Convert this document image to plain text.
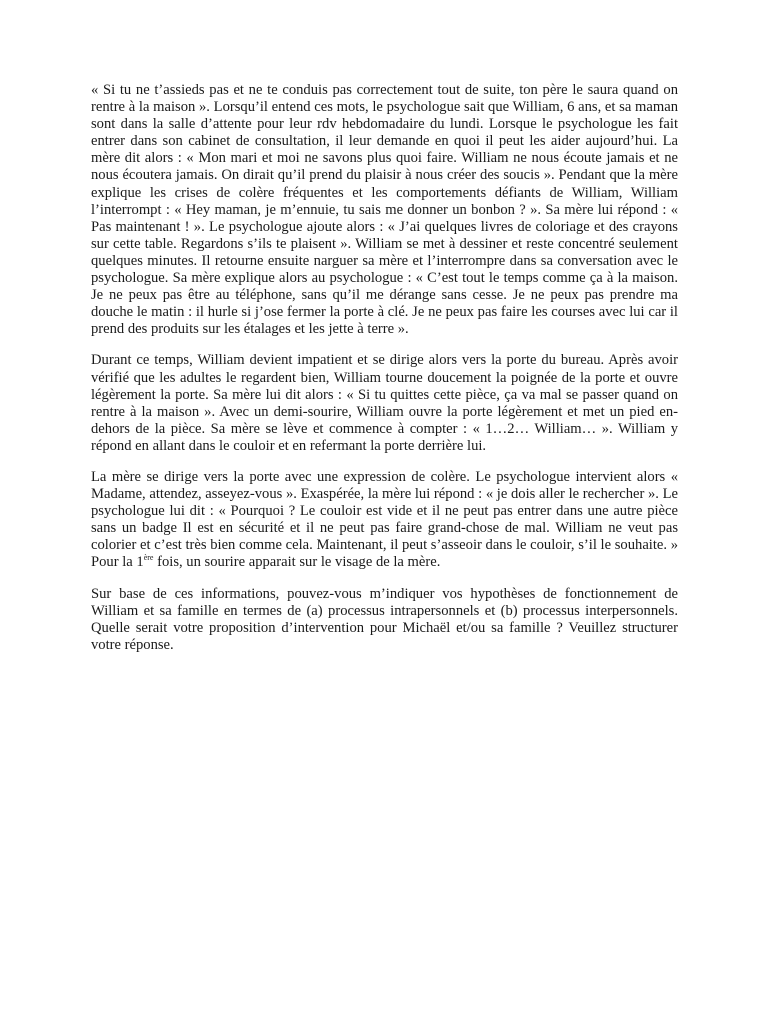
« Si tu ne t’assieds pas et ne te conduis pas correctement tout de suite, ton père le saura quand on rentre à la maison ». Lorsqu’il entend ces mots, le psychologue sait que William, 6 ans, et sa maman sont dans la salle d’attente pour leur rdv hebdomadaire du lundi. Lorsque le psychologue les fait entrer dans son cabinet de consultation, il leur demande en quoi il peut les aider aujourd’hui. La mère dit alors : « Mon mari et moi ne savons plus quoi faire. William ne nous écoute jamais et ne nous écoutera jamais. On dirait qu’il prend du plaisir à nous créer des soucis ». Pendant que la mère explique les crises de colère fréquentes et les comportements défiants de William, William l’interrompt : « Hey maman, je m’ennuie, tu sais me donner un bonbon ? ». Sa mère lui répond : « Pas maintenant ! ». Le psychologue ajoute alors : « J’ai quelques livres de coloriage et des crayons sur cette table. Regardons s’ils te plaisent ». William se met à dessiner et reste concentré seulement quelques minutes. Il retourne ensuite narguer sa mère et l’interrompre dans sa conversation avec le psychologue. Sa mère explique alors au psychologue : « C’est tout le temps comme ça à la maison. Je ne peux pas être au téléphone, sans qu’il me dérange sans cesse. Je ne peux pas prendre ma douche le matin : il hurle si j’ose fermer la porte à clé. Je ne peux pas faire les courses avec lui car il prend des produits sur les étalages et les jette à terre ».

Durant ce temps, William devient impatient et se dirige alors vers la porte du bureau. Après avoir vérifié que les adultes le regardent bien, William tourne doucement la poignée de la porte et ouvre légèrement la porte. Sa mère lui dit alors : « Si tu quittes cette pièce, ça va mal se passer quand on rentre à la maison ». Avec un demi-sourire, William ouvre la porte légèrement et met un pied en-dehors de la pièce. Sa mère se lève et commence à compter : « 1…2… William… ». William y répond en allant dans le couloir et en refermant la porte derrière lui.

La mère se dirige vers la porte avec une expression de colère. Le psychologue intervient alors « Madame, attendez, asseyez-vous ». Exaspérée, la mère lui répond : « je dois aller le rechercher ». Le psychologue lui dit : « Pourquoi ? Le couloir est vide et il ne peut pas entrer dans une autre pièce sans un badge Il est en sécurité et il ne peut pas faire grand-chose de mal. William ne veut pas colorier et c’est très bien comme cela. Maintenant, il peut s’asseoir dans le couloir, s’il le souhaite. » Pour la 1ère fois, un sourire apparait sur le visage de la mère.

Sur base de ces informations, pouvez-vous m’indiquer vos hypothèses de fonctionnement de William et sa famille en termes de (a) processus intrapersonnels et (b) processus interpersonnels. Quelle serait votre proposition d’intervention pour Michaël et/ou sa famille ? Veuillez structurer votre réponse.
